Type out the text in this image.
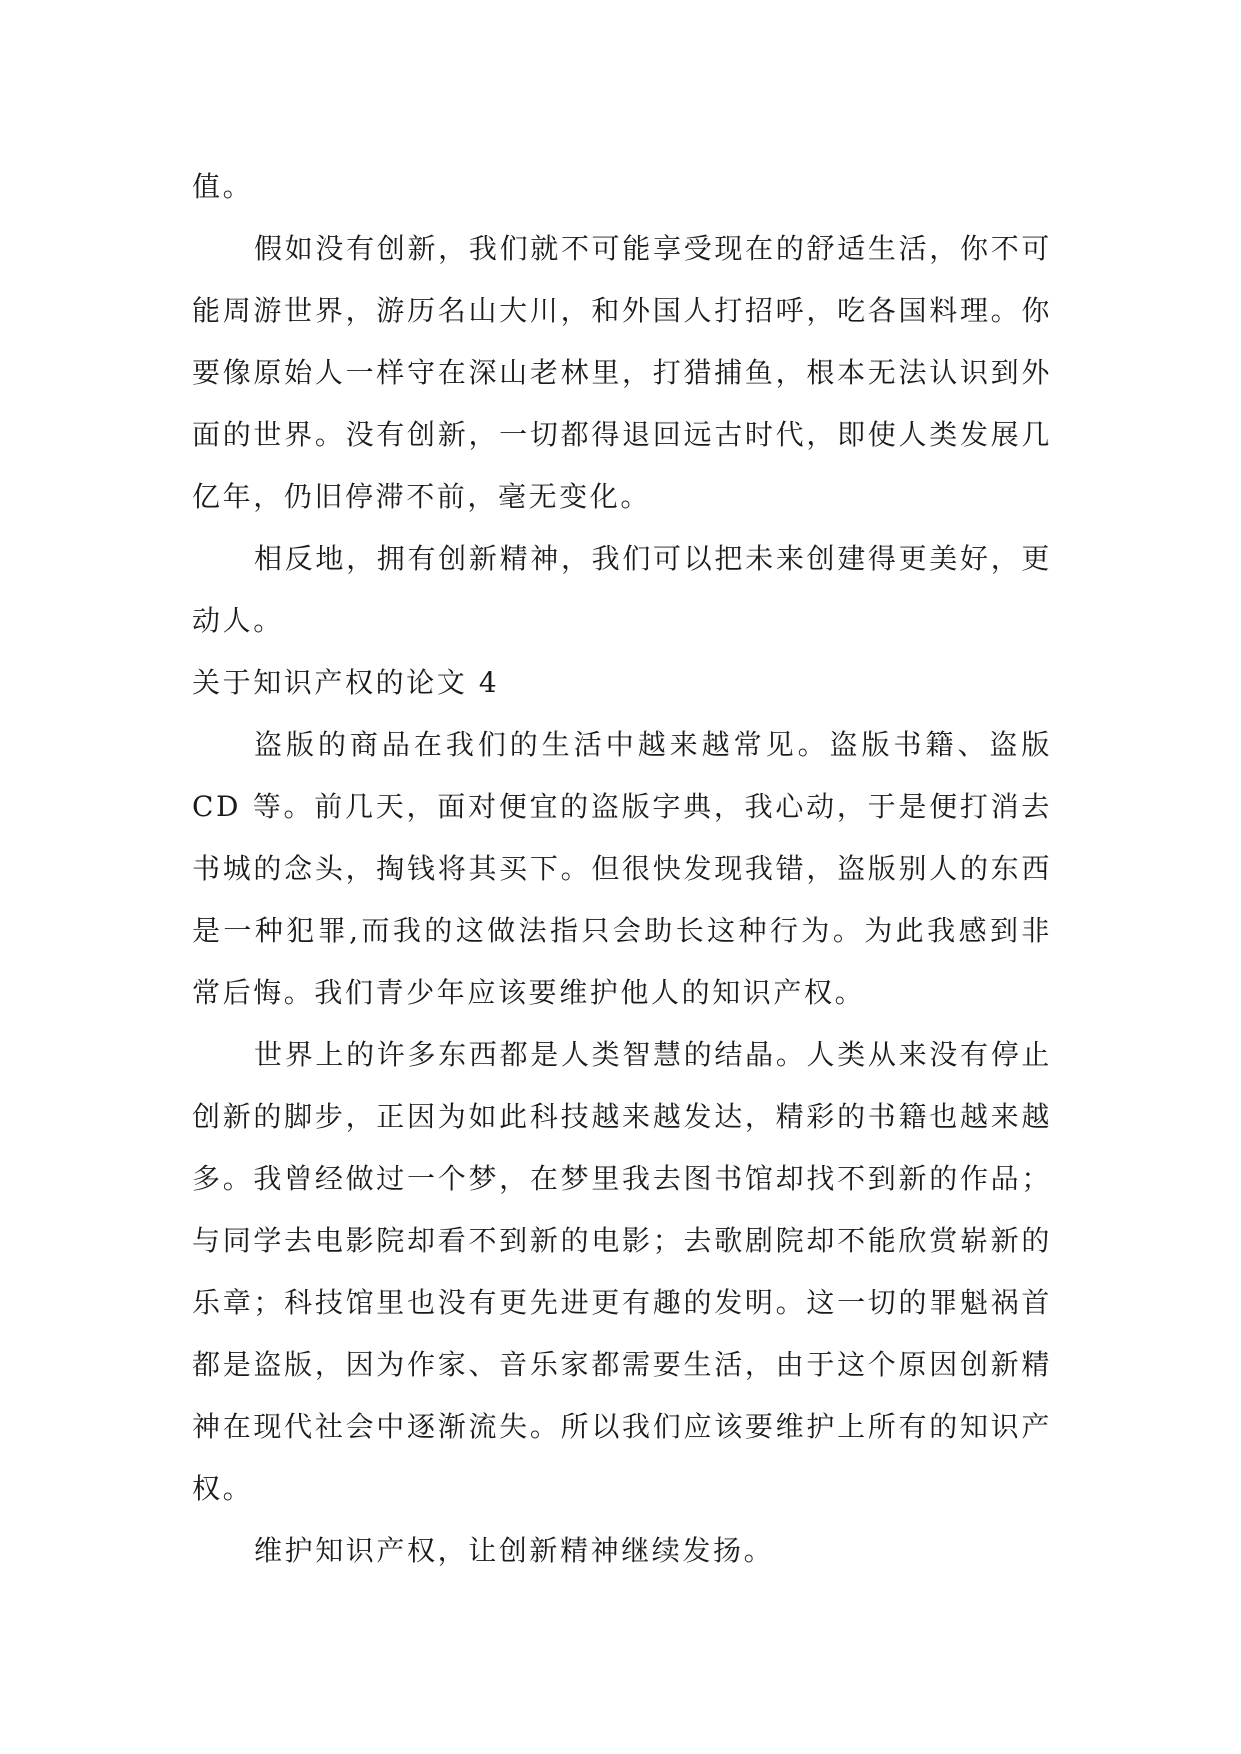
值。

假如没有创新，我们就不可能享受现在的舒适生活，你不可能周游世界，游历名山大川，和外国人打招呼，吃各国料理。你要像原始人一样守在深山老林里，打猎捕鱼，根本无法认识到外面的世界。没有创新，一切都得退回远古时代，即使人类发展几亿年，仍旧停滞不前，毫无变化。

相反地，拥有创新精神，我们可以把未来创建得更美好，更动人。

关于知识产权的论文 4

盗版的商品在我们的生活中越来越常见。盗版书籍、盗版 CD 等。前几天，面对便宜的盗版字典，我心动，于是便打消去书城的念头，掏钱将其买下。但很快发现我错，盗版别人的东西是一种犯罪,而我的这做法指只会助长这种行为。为此我感到非常后悔。我们青少年应该要维护他人的知识产权。

世界上的许多东西都是人类智慧的结晶。人类从来没有停止创新的脚步，正因为如此科技越来越发达，精彩的书籍也越来越多。我曾经做过一个梦，在梦里我去图书馆却找不到新的作品；与同学去电影院却看不到新的电影；去歌剧院却不能欣赏崭新的乐章；科技馆里也没有更先进更有趣的发明。这一切的罪魁祸首都是盗版，因为作家、音乐家都需要生活，由于这个原因创新精神在现代社会中逐渐流失。所以我们应该要维护上所有的知识产权。

维护知识产权，让创新精神继续发扬。
